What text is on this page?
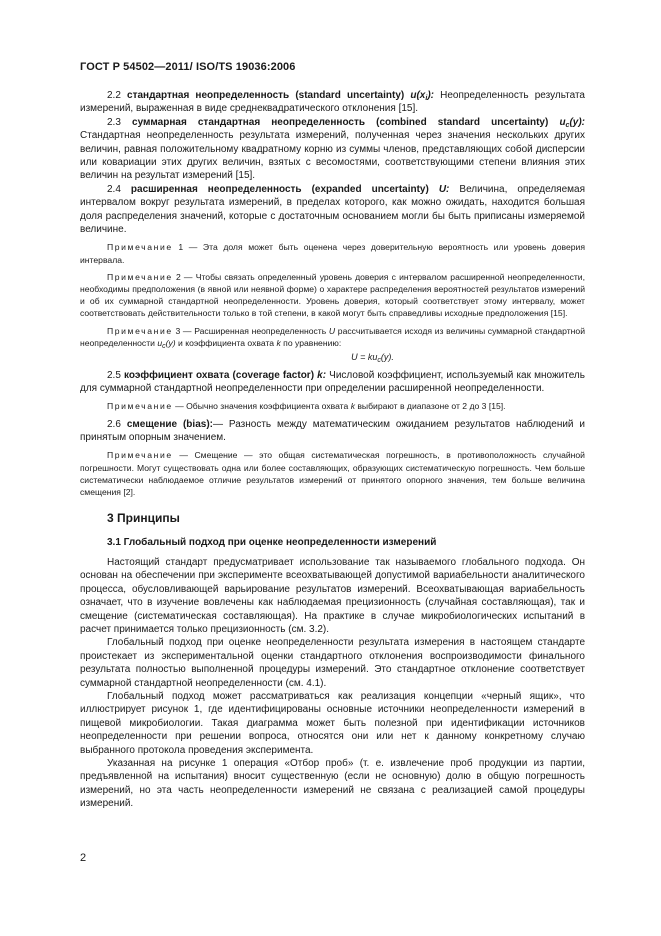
ГОСТ Р 54502—2011/ ISO/TS 19036:2006

2.2 стандартная неопределенность (standard uncertainty) $u(x_i)$: Неопределенность результата измерений, выраженная в виде среднеквадратического отклонения [15].

2.3 суммарная стандартная неопределенность (combined standard uncertainty) $u_c(y)$: Стандартная неопределенность результата измерений, полученная через значения нескольких других величин, равная положительному квадратному корню из суммы членов, представляющих собой дисперсии или ковариации этих других величин, взятых с весомостями, соответствующими степени влияния этих величин на результат измерений [15].

2.4 расширенная неопределенность (expanded uncertainty) U: Величина, определяемая интервалом вокруг результата измерений, в пределах которого, как можно ожидать, находится большая доля распределения значений, которые с достаточным основанием могли бы быть приписаны измеряемой величине.

Примечание 1 — Эта доля может быть оценена через доверительную вероятность или уровень доверия интервала.

Примечание 2 — Чтобы связать определенный уровень доверия с интервалом расширенной неопределенности, необходимы предположения (в явной или неявной форме) о характере распределения вероятностей результатов измерений и об их суммарной стандартной неопределенности. Уровень доверия, который соответствует этому интервалу, может соответствовать действительности только в той степени, в какой могут быть справедливы исходные предположения [15].

Примечание 3 — Расширенная неопределенность U рассчитывается исходя из величины суммарной стандартной неопределенности $u_c(y)$ и коэффициента охвата k по уравнению:

$U = ku_c(y)$.

2.5 коэффициент охвата (coverage factor) k: Числовой коэффициент, используемый как множитель для суммарной стандартной неопределенности при определении расширенной неопределенности.

Примечание — Обычно значения коэффициента охвата k выбирают в диапазоне от 2 до 3 [15].

2.6 смещение (bias):— Разность между математическим ожиданием результатов наблюдений и принятым опорным значением.

Примечание — Смещение — это общая систематическая погрешность, в противоположность случайной погрешности. Могут существовать одна или более составляющих, образующих систематическую погрешность. Чем больше систематически наблюдаемое отличие результатов измерений от принятого опорного значения, тем больше величина смещения [2].

3 Принципы
3.1 Глобальный подход при оценке неопределенности измерений

Настоящий стандарт предусматривает использование так называемого глобального подхода. Он основан на обеспечении при эксперименте всеохватывающей допустимой вариабельности аналитического процесса, обусловливающей варьирование результатов измерений. Всеохватывающая вариабельность означает, что в изучение вовлечены как наблюдаемая прецизионность (случайная составляющая), так и смещение (систематическая составляющая). На практике в случае микробиологических испытаний в расчет принимается только прецизионность (см. 3.2).

Глобальный подход при оценке неопределенности результата измерения в настоящем стандарте проистекает из экспериментальной оценки стандартного отклонения воспроизводимости финального результата полностью выполненной процедуры измерений. Это стандартное отклонение соответствует суммарной стандартной неопределенности (см. 4.1).

Глобальный подход может рассматриваться как реализация концепции «черный ящик», что иллюстрирует рисунок 1, где идентифицированы основные источники неопределенности измерений в пищевой микробиологии. Такая диаграмма может быть полезной при идентификации источников неопределенности при решении вопроса, относятся они или нет к данному конкретному случаю выбранного протокола проведения эксперимента.

Указанная на рисунке 1 операция «Отбор проб» (т. е. извлечение проб продукции из партии, предъявленной на испытания) вносит существенную (если не основную) долю в общую погрешность измерений, но эта часть неопределенности измерений не связана с реализацией самой процедуры измерений.

2
